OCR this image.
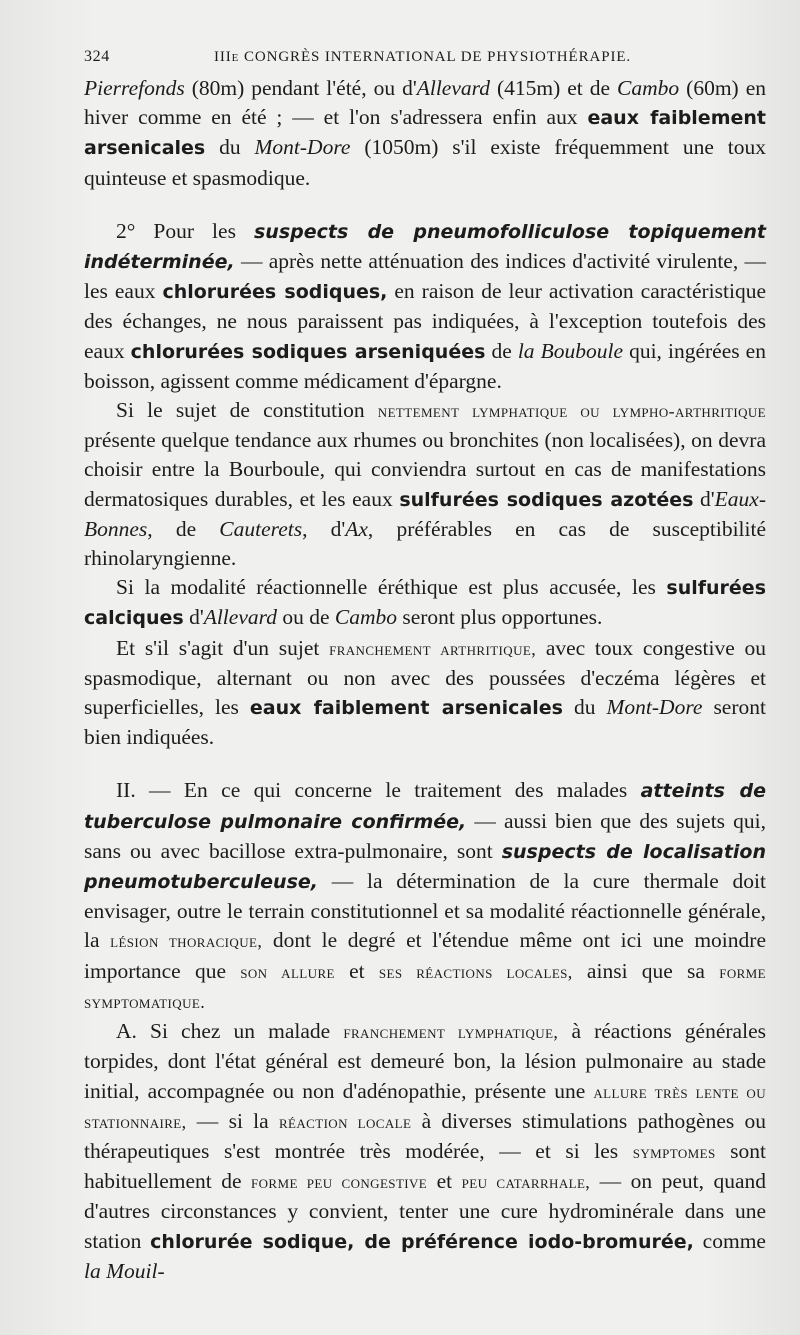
324	IIIe CONGRÈS INTERNATIONAL DE PHYSIOTHÉRAPIE.

Pierrefonds (80m) pendant l'été, ou d'Allevard (415m) et de Cambo (60m) en hiver comme en été ; — et l'on s'adressera enfin aux eaux faiblement arsenicales du Mont-Dore (1050m) s'il existe fréquemment une toux quinteuse et spasmodique.

2° Pour les suspects de pneumofolliculose topiquement indéterminée, — après nette atténuation des indices d'activité virulente, — les eaux chlorurées sodiques, en raison de leur activation caractéristique des échanges, ne nous paraissent pas indiquées, à l'exception toutefois des eaux chlorurées sodiques arseniquées de la Bouboule qui, ingérées en boisson, agissent comme médicament d'épargne.

Si le sujet de constitution nettement lymphatique ou lympho-arthritique présente quelque tendance aux rhumes ou bronchites (non localisées), on devra choisir entre la Bourboule, qui conviendra surtout en cas de manifestations dermatosiques durables, et les eaux sulfurées sodiques azotées d'Eaux-Bonnes, de Cauterets, d'Ax, préférables en cas de susceptibilité rhinolaryngienne.

Si la modalité réactionnelle éréthique est plus accusée, les sulfurées calciques d'Allevard ou de Cambo seront plus opportunes.

Et s'il s'agit d'un sujet franchement arthritique, avec toux congestive ou spasmodique, alternant ou non avec des poussées d'eczéma légères et superficielles, les eaux faiblement arsenicales du Mont-Dore seront bien indiquées.

II. — En ce qui concerne le traitement des malades atteints de tuberculose pulmonaire confirmée, — aussi bien que des sujets qui, sans ou avec bacillose extra-pulmonaire, sont suspects de localisation pneumotuberculeuse, — la détermination de la cure thermale doit envisager, outre le terrain constitutionnel et sa modalité réactionnelle générale, la lésion thoracique, dont le degré et l'étendue même ont ici une moindre importance que son allure et ses réactions locales, ainsi que sa forme symptomatique.

A. Si chez un malade franchement lymphatique, à réactions générales torpides, dont l'état général est demeuré bon, la lésion pulmonaire au stade initial, accompagnée ou non d'adénopathie, présente une allure très lente ou stationnaire, — si la réaction locale à diverses stimulations pathogènes ou thérapeutiques s'est montrée très modérée, — et si les symptomes sont habituellement de forme peu congestive et peu catarrhale, — on peut, quand d'autres circonstances y convient, tenter une cure hydrominérale dans une station chlorurée sodique, de préférence iodo-bromurée, comme la Mouil-
